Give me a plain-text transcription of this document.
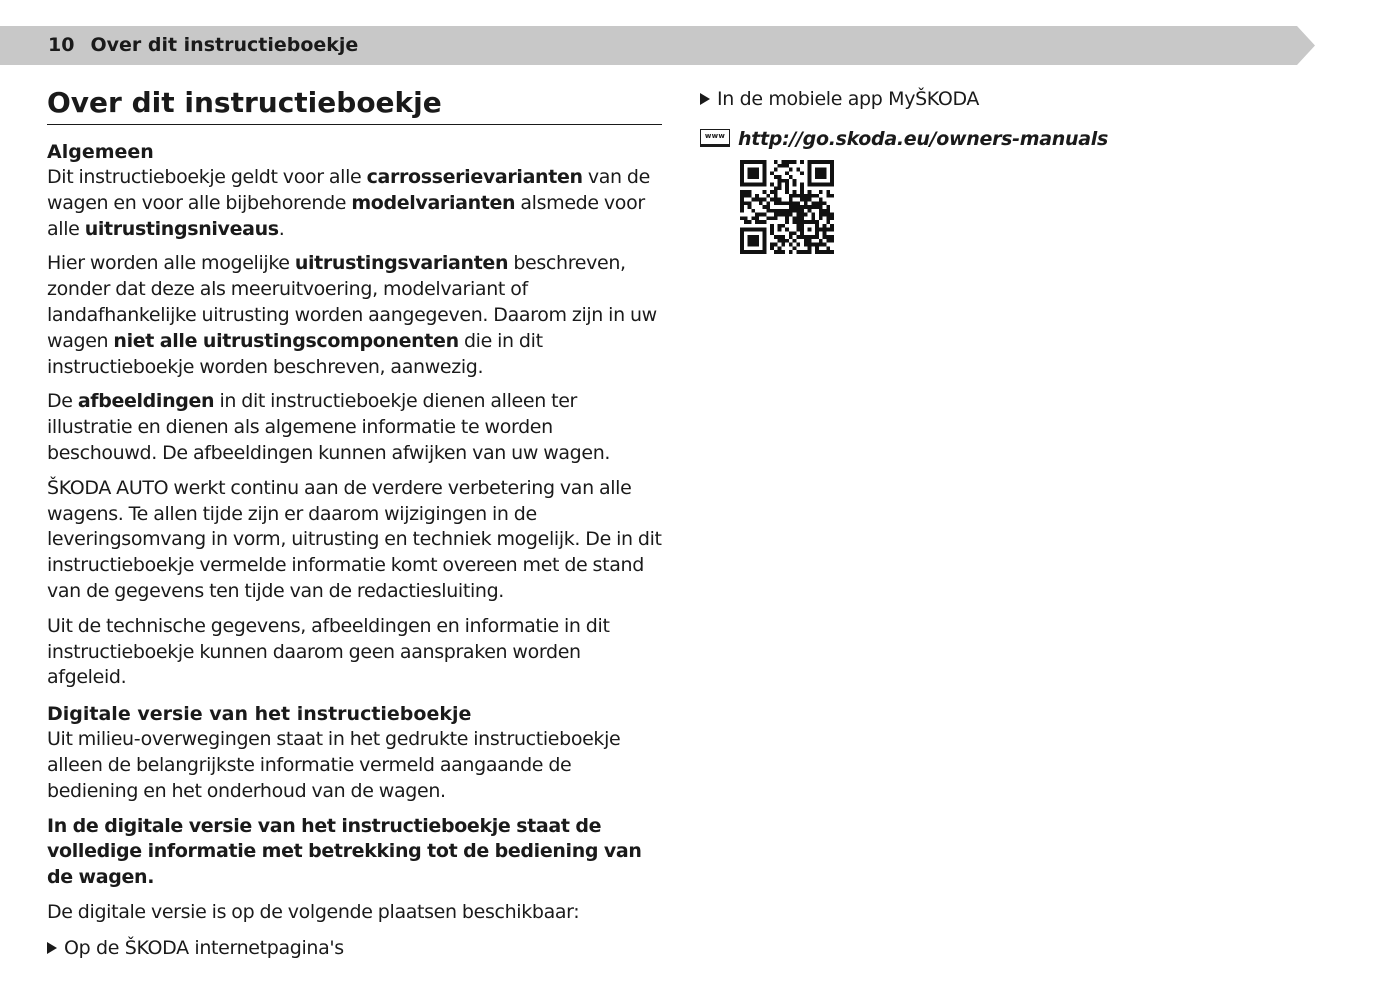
10 Over dit instructieboekje
Over dit instructieboekje
Algemeen

Dit instructieboekje geldt voor alle carrosserievarianten van de wagen en voor alle bijbehorende modelvarianten alsmede voor alle uitrustingsniveaus.

Hier worden alle mogelijke uitrustingsvarianten beschreven, zonder dat deze als meeruitvoering, modelvariant of landafhankelijke uitrusting worden aangegeven. Daarom zijn in uw wagen niet alle uitrustingscomponenten die in dit instructieboekje worden beschreven, aanwezig.

De afbeeldingen in dit instructieboekje dienen alleen ter illustratie en dienen als algemene informatie te worden beschouwd. De afbeeldingen kunnen afwijken van uw wagen.

ŠKODA AUTO werkt continu aan de verdere verbetering van alle wagens. Te allen tijde zijn er daarom wijzigingen in de leveringsomvang in vorm, uitrusting en techniek mogelijk. De in dit instructieboekje vermelde informatie komt overeen met de stand van de gegevens ten tijde van de redactiesluiting.

Uit de technische gegevens, afbeeldingen en informatie in dit instructieboekje kunnen daarom geen aanspraken worden afgeleid.

Digitale versie van het instructieboekje

Uit milieu-overwegingen staat in het gedrukte instructieboekje alleen de belangrijkste informatie vermeld aangaande de bediening en het onderhoud van de wagen.

In de digitale versie van het instructieboekje staat de volledige informatie met betrekking tot de bediening van de wagen.

De digitale versie is op de volgende plaatsen beschikbaar:

Op de ŠKODA internetpagina's

In de mobiele app MyŠKODA

wwwhttp://go.skoda.eu/owners-manuals
